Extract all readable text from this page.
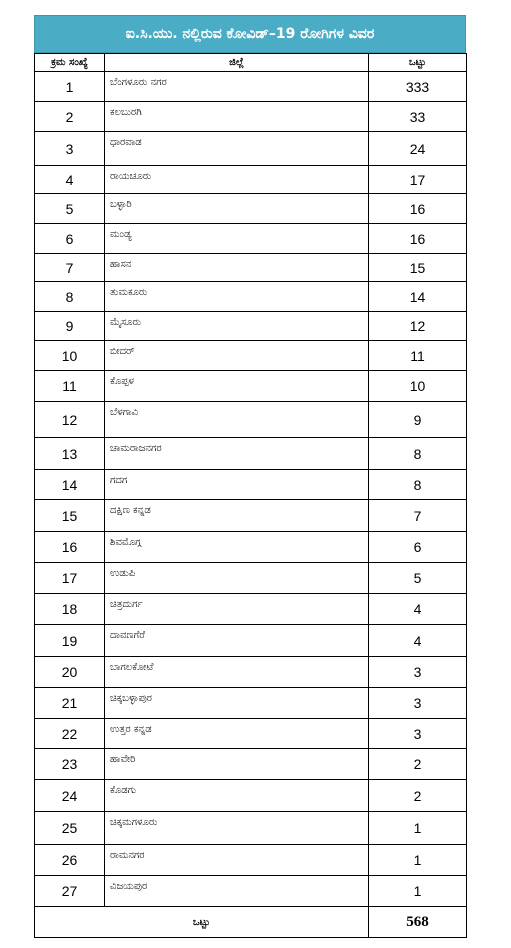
ಐ.ಸಿ.ಯು. ನಲ್ಲಿರುವ ಕೋವಿಡ್–19 ರೋಗಿಗಳ ವಿವರ
ಕ್ರಮ ಸಂಖ್ಯೆ	ಜಿಲ್ಲೆ	ಒಟ್ಟು
1	ಬೆಂಗಳೂರು ನಗರ	333
2	ಕಲಬುರಗಿ	33
3	ಧಾರವಾಡ	24
4	ರಾಯಚೂರು	17
5	ಬಳ್ಳಾರಿ	16
6	ಮಂಡ್ಯ	16
7	ಹಾಸನ	15
8	ತುಮಕೂರು	14
9	ಮೈಸೂರು	12
10	ಬೀದರ್	11
11	ಕೊಪ್ಪಳ	10
12	ಬೆಳಗಾವಿ	9
13	ಚಾಮರಾಜನಗರ	8
14	ಗದಗ	8
15	ದಕ್ಷಿಣ ಕನ್ನಡ	7
16	ಶಿವಮೊಗ್ಗ	6
17	ಉಡುಪಿ	5
18	ಚಿತ್ರದುರ್ಗ	4
19	ದಾವಣಗೆರೆ	4
20	ಬಾಗಲಕೋಟೆ	3
21	ಚಿಕ್ಕಬಳ್ಳಾಪುರ	3
22	ಉತ್ತರ ಕನ್ನಡ	3
23	ಹಾವೇರಿ	2
24	ಕೊಡಗು	2
25	ಚಿಕ್ಕಮಗಳೂರು	1
26	ರಾಮನಗರ	1
27	ವಿಜಯಪುರ	1
ಒಟ್ಟು		568
